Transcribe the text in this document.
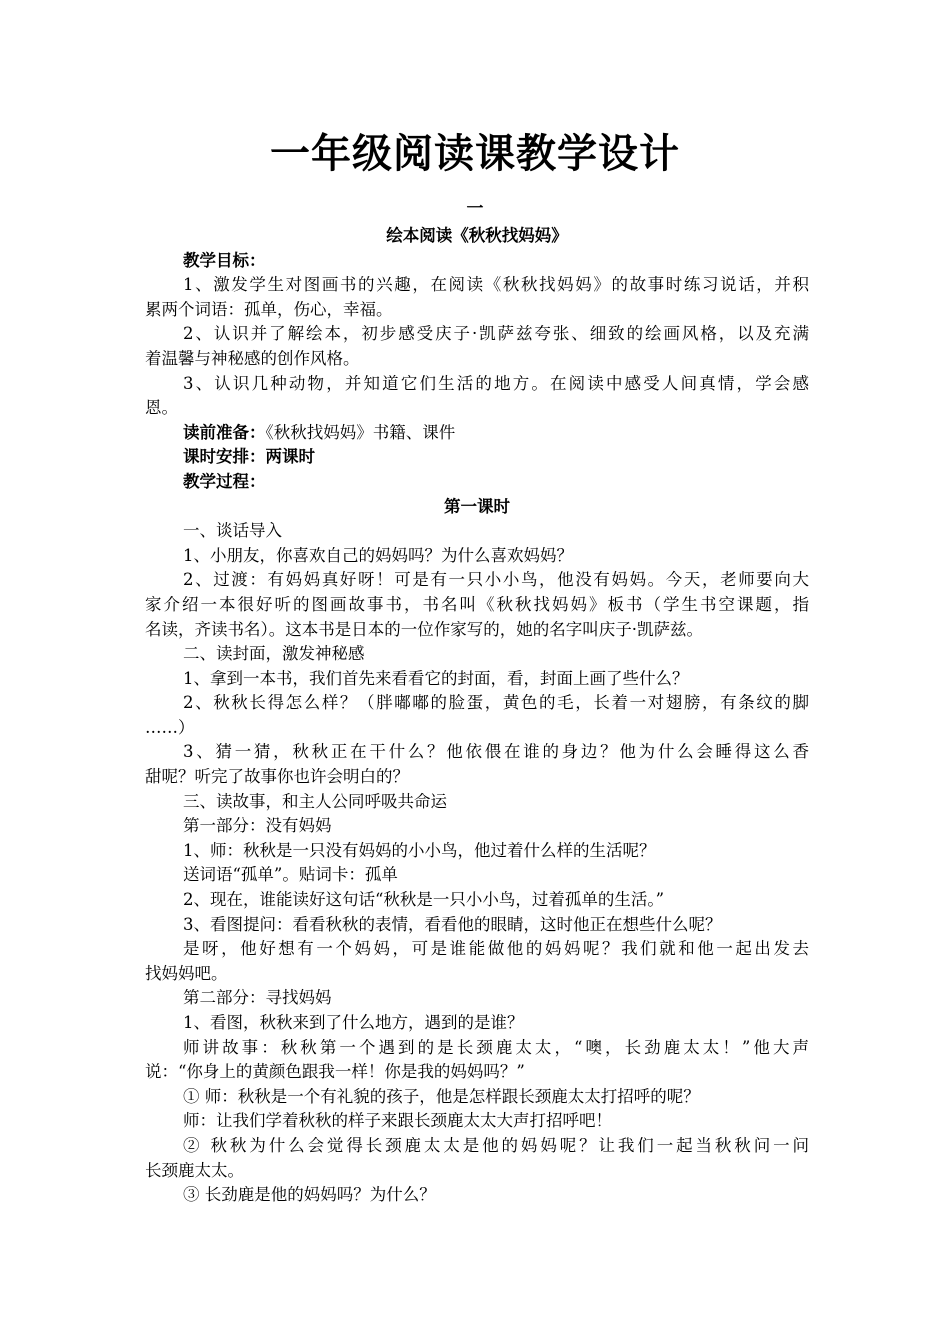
一年级阅读课教学设计
一
绘本阅读《秋秋找妈妈》
教学目标：
1、激发学生对图画书的兴趣，在阅读《秋秋找妈妈》的故事时练习说话，并积
累两个词语：孤单，伤心，幸福。
2、认识并了解绘本，初步感受庆子·凯萨兹夸张、细致的绘画风格，以及充满
着温馨与神秘感的创作风格。
3、认识几种动物，并知道它们生活的地方。在阅读中感受人间真情，学会感
恩。
读前准备：《秋秋找妈妈》书籍、课件
课时安排：两课时
教学过程：
第一课时
一、谈话导入
1、小朋友，你喜欢自己的妈妈吗？为什么喜欢妈妈？
2、过渡：有妈妈真好呀！可是有一只小小鸟，他没有妈妈。今天，老师要向大
家介绍一本很好听的图画故事书，书名叫《秋秋找妈妈》板书（学生书空课题，指
名读，齐读书名）。这本书是日本的一位作家写的，她的名字叫庆子·凯萨兹。
二、读封面，激发神秘感
1、拿到一本书，我们首先来看看它的封面，看，封面上画了些什么？
2、秋秋长得怎么样？（胖嘟嘟的脸蛋，黄色的毛，长着一对翅膀，有条纹的脚
……）
3、猜一猜，秋秋正在干什么？他依偎在谁的身边？他为什么会睡得这么香
甜呢？听完了故事你也许会明白的？
三、读故事，和主人公同呼吸共命运
第一部分：没有妈妈
1、师：秋秋是一只没有妈妈的小小鸟，他过着什么样的生活呢？
送词语“孤单”。贴词卡：孤单
2、现在，谁能读好这句话“秋秋是一只小小鸟，过着孤单的生活。”
3、看图提问：看看秋秋的表情，看看他的眼睛，这时他正在想些什么呢？
是呀，他好想有一个妈妈，可是谁能做他的妈妈呢？我们就和他一起出发去
找妈妈吧。
第二部分：寻找妈妈
1、看图，秋秋来到了什么地方，遇到的是谁？
师讲故事：秋秋第一个遇到的是长颈鹿太太，“噢，长劲鹿太太！”他大声
说：“你身上的黄颜色跟我一样！你是我的妈妈吗？”
① 师：秋秋是一个有礼貌的孩子，他是怎样跟长颈鹿太太打招呼的呢？
师：让我们学着秋秋的样子来跟长颈鹿太太大声打招呼吧！
② 秋秋为什么会觉得长颈鹿太太是他的妈妈呢？让我们一起当秋秋问一问
长颈鹿太太。
③ 长劲鹿是他的妈妈吗？为什么？
